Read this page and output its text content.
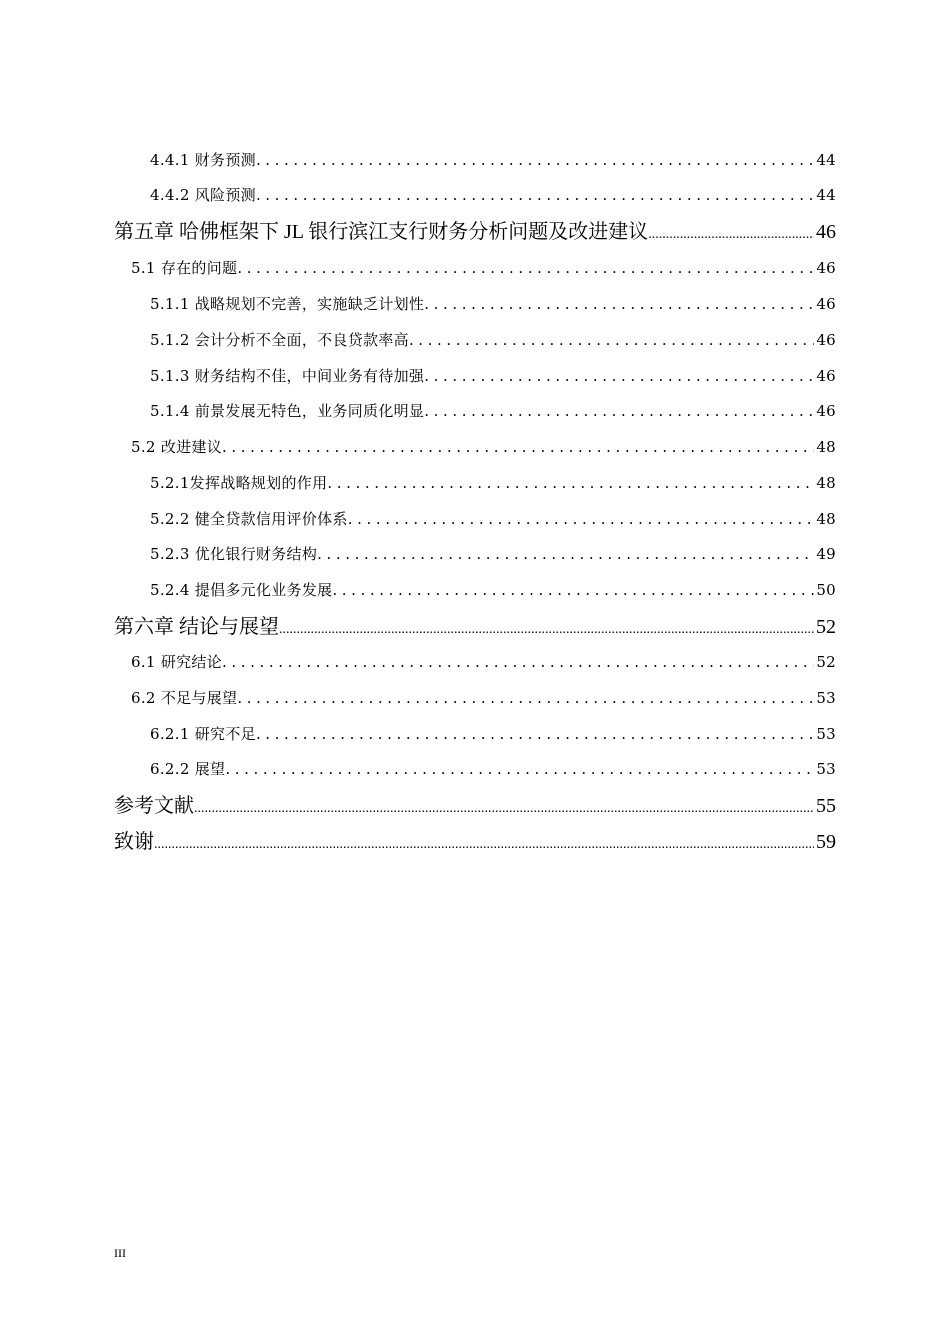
4.4.1 财务预测 .....	44
4.4.2 风险预测 .....	44
第五章 哈佛框架下 JL 银行滨江支行财务分析问题及改进建议 .....	46
5.1 存在的问题 .....	46
5.1.1 战略规划不完善，实施缺乏计划性 .....	46
5.1.2 会计分析不全面，不良贷款率高 .....	46
5.1.3 财务结构不佳，中间业务有待加强 .....	46
5.1.4 前景发展无特色，业务同质化明显 .....	46
5.2 改进建议 .....	48
5.2.1发挥战略规划的作用 .....	48
5.2.2 健全贷款信用评价体系 .....	48
5.2.3 优化银行财务结构 .....	49
5.2.4 提倡多元化业务发展 .....	50
第六章 结论与展望 .....	52
6.1 研究结论 .....	52
6.2 不足与展望 .....	53
6.2.1 研究不足 .....	53
6.2.2 展望 .....	53
参考文献 .....	55
致谢 .....	59
III
